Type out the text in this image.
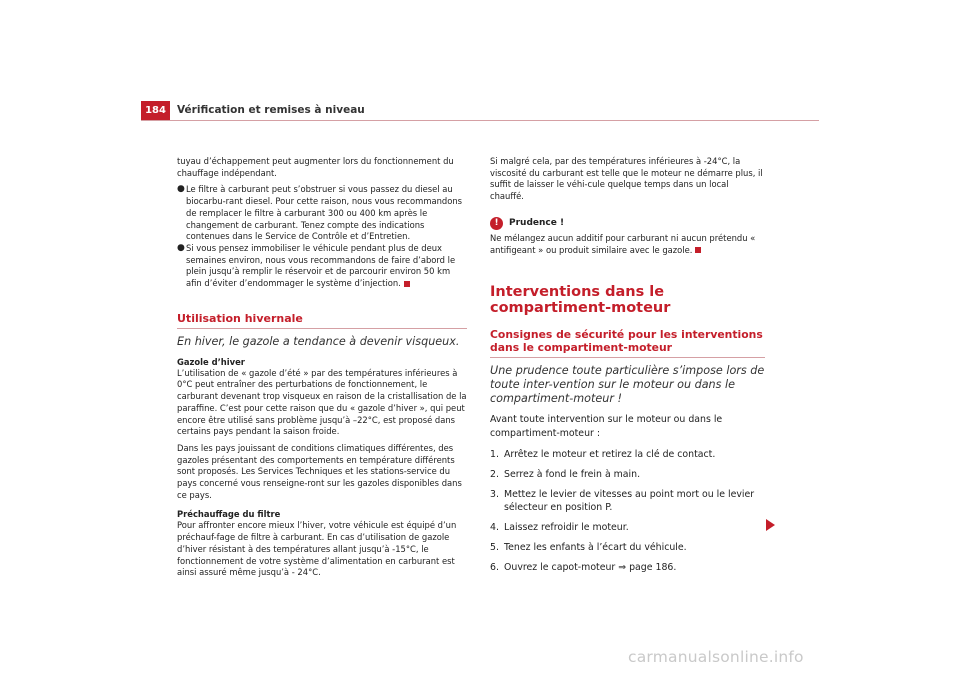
184	Vérification et remises à niveau

tuyau d’échappement peut augmenter lors du fonctionnement du chauffage indépendant.

● Le filtre à carburant peut s’obstruer si vous passez du diesel au biocarbu-rant diesel. Pour cette raison, nous vous recommandons de remplacer le filtre à carburant 300 ou 400 km après le changement de carburant. Tenez compte des indications contenues dans le Service de Contrôle et d’Entretien.

● Si vous pensez immobiliser le véhicule pendant plus de deux semaines environ, nous vous recommandons de faire d’abord le plein jusqu’à remplir le réservoir et de parcourir environ 50 km afin d’éviter d’endommager le système d’injection.

Utilisation hivernale
En hiver, le gazole a tendance à devenir visqueux.
Gazole d’hiver

L’utilisation de « gazole d’été » par des températures inférieures à 0°C peut entraîner des perturbations de fonctionnement, le carburant devenant trop visqueux en raison de la cristallisation de la paraffine. C’est pour cette raison que du « gazole d’hiver », qui peut encore être utilisé sans problème jusqu’à –22°C, est proposé dans certains pays pendant la saison froide.

Dans les pays jouissant de conditions climatiques différentes, des gazoles présentant des comportements en température différents sont proposés. Les Services Techniques et les stations-service du pays concerné vous renseigne-ront sur les gazoles disponibles dans ce pays.

Préchauffage du filtre

Pour affronter encore mieux l’hiver, votre véhicule est équipé d’un préchauf-fage de filtre à carburant. En cas d’utilisation de gazole d’hiver résistant à des températures allant jusqu’à -15°C, le fonctionnement de votre système d’alimentation en carburant est ainsi assuré même jusqu’à - 24°C.

Si malgré cela, par des températures inférieures à -24°C, la viscosité du carburant est telle que le moteur ne démarre plus, il suffit de laisser le véhi-cule quelque temps dans un local chauffé.

!	Prudence !

Ne mélangez aucun additif pour carburant ni aucun prétendu « antifigeant » ou produit similaire avec le gazole.

Interventions dans le compartiment-moteur
Consignes de sécurité pour les interventions dans le compartiment-moteur
Une prudence toute particulière s’impose lors de toute inter-vention sur le moteur ou dans le compartiment-moteur !
Avant toute intervention sur le moteur ou dans le compartiment-moteur :
1. Arrêtez le moteur et retirez la clé de contact.
2. Serrez à fond le frein à main.
3. Mettez le levier de vitesses au point mort ou le levier sélecteur en position P.
4. Laissez refroidir le moteur.
5. Tenez les enfants à l’écart du véhicule.
6. Ouvrez le capot-moteur ⇒ page 186.
carmanualsonline.info
